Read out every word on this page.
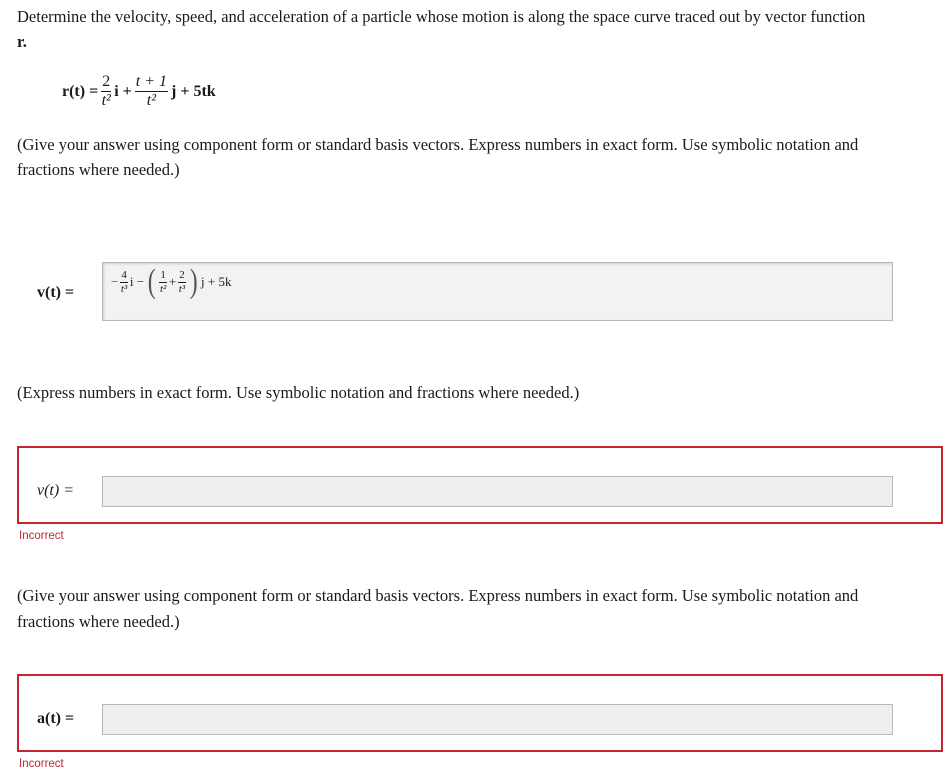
Determine the velocity, speed, and acceleration of a particle whose motion is along the space curve traced out by vector function
r.
$r(t) = \frac{2}{\text{t²}}$ $i + \frac{t + 1}{\text{t²}}$ j + 5tk
(Give your answer using component form or standard basis vectors. Express numbers in exact form. Use symbolic notation and
fractions where needed.)
v(t) =
− $\frac{4}{\text{t³}}$ i − ( $\frac{1}{\text{t²}} + \frac{2}{\text{t³}}$ ) j + 5k
(Express numbers in exact form. Use symbolic notation and fractions where needed.)
v(t) =
Incorrect
(Give your answer using component form or standard basis vectors. Express numbers in exact form. Use symbolic notation and
fractions where needed.)
a(t) =
Incorrect
